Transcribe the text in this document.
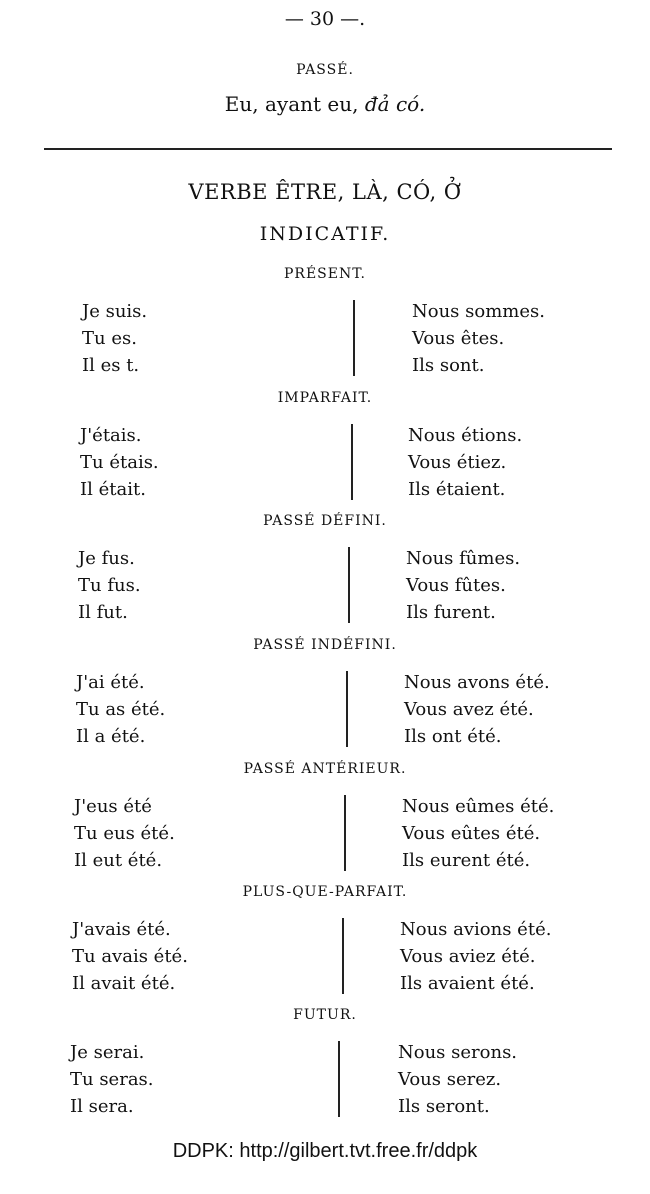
— 30 —.
PASSÉ.
Eu, ayant eu, đả có.
VERBE ÊTRE, LÀ, CÓ, Ở
INDICATIF.
PRÉSENT.
Je suis.
Tu es.
Il es t.
Nous sommes.
Vous êtes.
Ils sont.
IMPARFAIT.
J'étais.
Tu étais.
Il était.
Nous étions.
Vous étiez.
Ils étaient.
PASSÉ DÉFINI.
Je fus.
Tu fus.
Il fut.
Nous fûmes.
Vous fûtes.
Ils furent.
PASSÉ INDÉFINI.
J'ai été.
Tu as été.
Il a été.
Nous avons été.
Vous avez été.
Ils ont été.
PASSÉ ANTÉRIEUR.
J'eus été
Tu eus été.
Il eut été.
Nous eûmes été.
Vous eûtes été.
Ils eurent été.
PLUS-QUE-PARFAIT.
J'avais été.
Tu avais été.
Il avait été.
Nous avions été.
Vous aviez été.
Ils avaient été.
FUTUR.
Je serai.
Tu seras.
Il sera.
Nous serons.
Vous serez.
Ils seront.
DDPK: http://gilbert.tvt.free.fr/ddpk
